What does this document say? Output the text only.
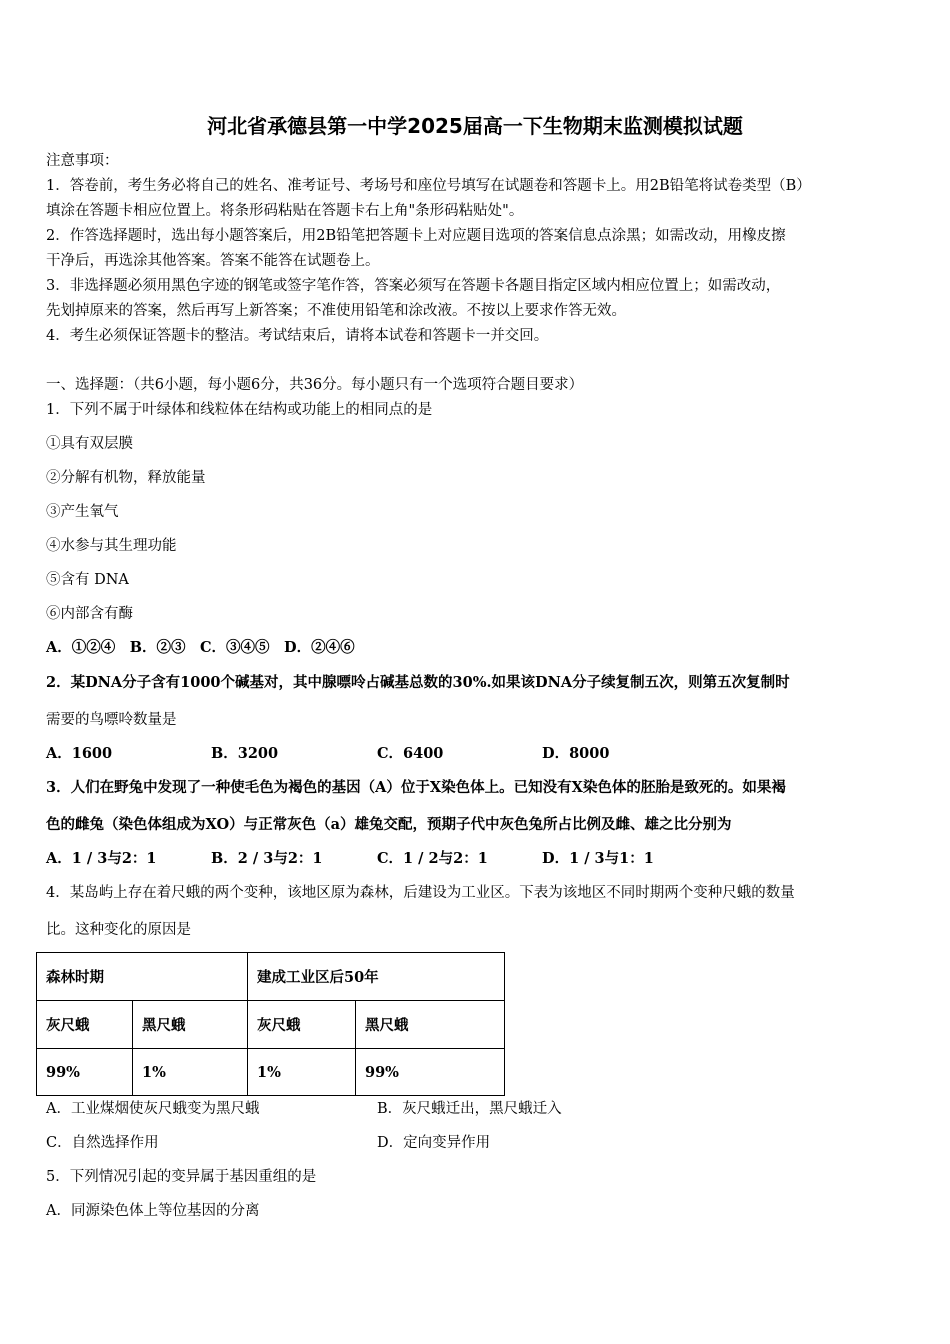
河北省承德县第一中学2025届高一下生物期末监测模拟试题
注意事项：
1．答卷前，考生务必将自己的姓名、准考证号、考场号和座位号填写在试题卷和答题卡上。用2B铅笔将试卷类型（B）
填涂在答题卡相应位置上。将条形码粘贴在答题卡右上角"条形码粘贴处"。
2．作答选择题时，选出每小题答案后，用2B铅笔把答题卡上对应题目选项的答案信息点涂黑；如需改动，用橡皮擦
干净后，再选涂其他答案。答案不能答在试题卷上。
3．非选择题必须用黑色字迹的钢笔或签字笔作答，答案必须写在答题卡各题目指定区域内相应位置上；如需改动，
先划掉原来的答案，然后再写上新答案；不准使用铅笔和涂改液。不按以上要求作答无效。
4．考生必须保证答题卡的整洁。考试结束后，请将本试卷和答题卡一并交回。
一、选择题：（共6小题，每小题6分，共36分。每小题只有一个选项符合题目要求）
1．下列不属于叶绿体和线粒体在结构或功能上的相同点的是
①具有双层膜
②分解有机物，释放能量
③产生氧气
④水参与其生理功能
⑤含有 DNA
⑥内部含有酶
A．①②④　B．②③　C．③④⑤　D．②④⑥
2．某DNA分子含有1000个碱基对，其中腺嘌呤占碱基总数的30%.如果该DNA分子续复制五次，则第五次复制时
需要的鸟嘌呤数量是
A．1600	B．3200	C．6400	D．8000
3．人们在野兔中发现了一种使毛色为褐色的基因（A）位于X染色体上。已知没有X染色体的胚胎是致死的。如果褐
色的雌兔（染色体组成为XO）与正常灰色（a）雄兔交配，预期子代中灰色兔所占比例及雌、雄之比分别为
A．1 / 3与2：1	B．2 / 3与2：1	C．1 / 2与2：1	D．1 / 3与1：1
4．某岛屿上存在着尺蛾的两个变种，该地区原为森林，后建设为工业区。下表为该地区不同时期两个变种尺蛾的数量
比。这种变化的原因是
森林时期		建成工业区后50年	
灰尺蛾	黑尺蛾	灰尺蛾	黑尺蛾
99%	1%	1%	99%
A．工业煤烟使灰尺蛾变为黑尺蛾	B．灰尺蛾迁出，黑尺蛾迁入
C．自然选择作用	D．定向变异作用
5．下列情况引起的变异属于基因重组的是
A．同源染色体上等位基因的分离
